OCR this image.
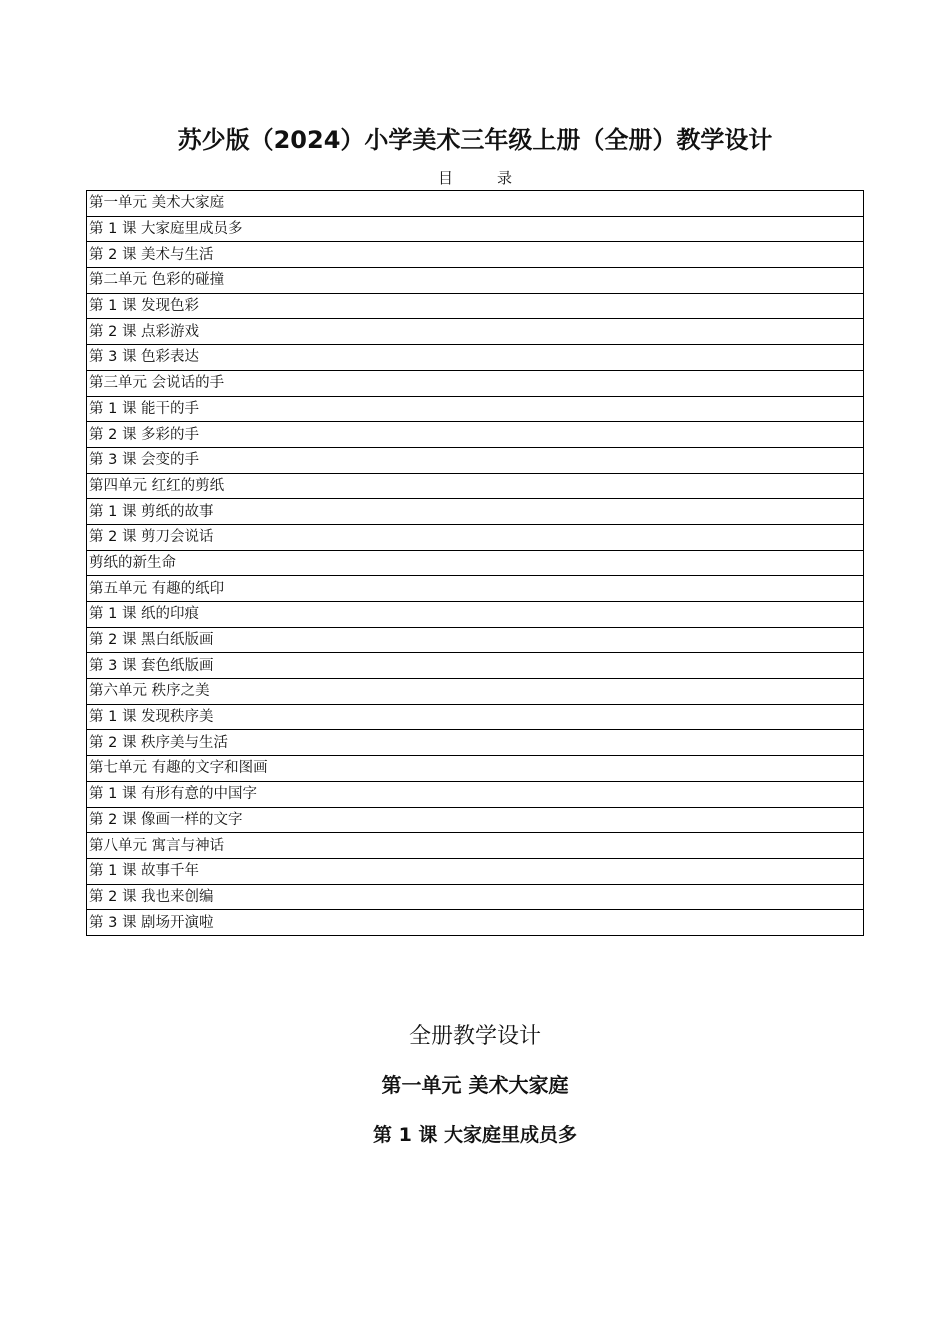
苏少版（2024）小学美术三年级上册（全册）教学设计
目	录
第一单元 美术大家庭
第 1 课 大家庭里成员多
第 2 课 美术与生活
第二单元 色彩的碰撞
第 1 课 发现色彩
第 2 课 点彩游戏
第 3 课 色彩表达
第三单元 会说话的手
第 1 课 能干的手
第 2 课 多彩的手
第 3 课 会变的手
第四单元 红红的剪纸
第 1 课 剪纸的故事
第 2 课 剪刀会说话
剪纸的新生命
第五单元 有趣的纸印
第 1 课 纸的印痕
第 2 课 黑白纸版画
第 3 课 套色纸版画
第六单元 秩序之美
第 1 课 发现秩序美
第 2 课 秩序美与生活
第七单元 有趣的文字和图画
第 1 课 有形有意的中国字
第 2 课 像画一样的文字
第八单元 寓言与神话
第 1 课 故事千年
第 2 课 我也来创编
第 3 课 剧场开演啦
全册教学设计
第一单元 美术大家庭
第 1 课 大家庭里成员多
